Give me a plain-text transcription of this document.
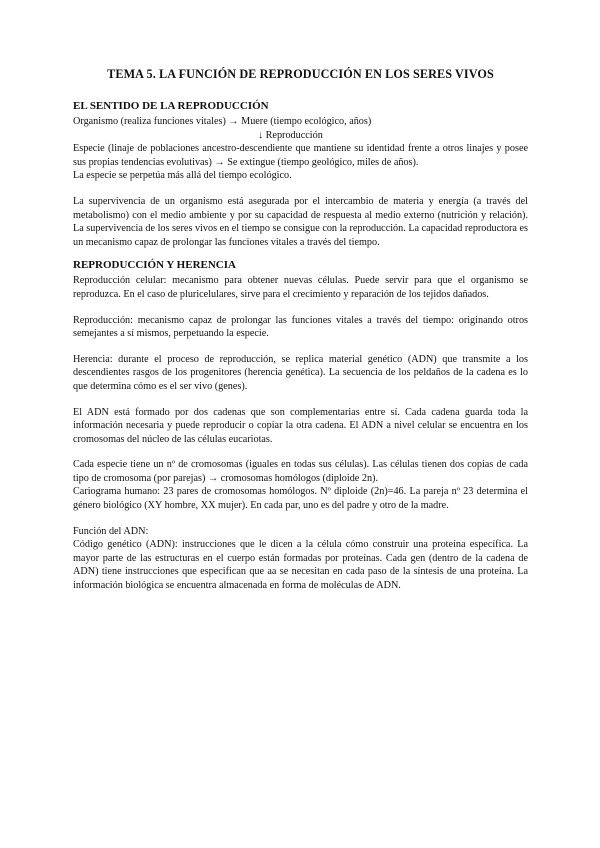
TEMA 5. LA FUNCIÓN DE REPRODUCCIÓN EN LOS SERES VIVOS
EL SENTIDO DE LA REPRODUCCIÓN

Organismo (realiza funciones vitales) → Muere (tiempo ecológico, años)

↓ Reproducción

Especie (linaje de poblaciones ancestro-descendiente que mantiene su identidad frente a otros linajes y posee sus propias tendencias evolutivas) → Se extingue (tiempo geológico, miles de años).

La especie se perpetúa más allá del tiempo ecológico.

La supervivencia de un organismo está asegurada por el intercambio de materia y energía (a través del metabolismo) con el medio ambiente y por su capacidad de respuesta al medio externo (nutrición y relación). La supervivencia de los seres vivos en el tiempo se consigue con la reproducción. La capacidad reproductora es un mecanismo capaz de prolongar las funciones vitales a través del tiempo.

REPRODUCCIÓN Y HERENCIA

Reproducción celular: mecanismo para obtener nuevas células. Puede servir para que el organismo se reproduzca. En el caso de pluricelulares, sirve para el crecimiento y reparación de los tejidos dañados.

Reproducción: mecanismo capaz de prolongar las funciones vitales a través del tiempo: originando otros semejantes a sí mismos, perpetuando la especie.

Herencia: durante el proceso de reproducción, se replica material genético (ADN) que transmite a los descendientes rasgos de los progenitores (herencia genética). La secuencia de los peldaños de la cadena es lo que determina cómo es el ser vivo (genes).

El ADN está formado por dos cadenas que son complementarias entre sí. Cada cadena guarda toda la información necesaria y puede reproducir o copiar la otra cadena. El ADN a nivel celular se encuentra en los cromosomas del núcleo de las células eucariotas.

Cada especie tiene un nº de cromosomas (iguales en todas sus células). Las células tienen dos copias de cada tipo de cromosoma (por parejas) → cromosomas homólogos (diploide 2n).

Cariograma humano: 23 pares de cromosomas homólogos. Nº diploide (2n)=46. La pareja nº 23 determina el género biológico (XY hombre, XX mujer). En cada par, uno es del padre y otro de la madre.

Función del ADN:

Código genético (ADN): instrucciones que le dicen a la célula cómo construir una proteína específica. La mayor parte de las estructuras en el cuerpo están formadas por proteínas. Cada gen (dentro de la cadena de ADN) tiene instrucciones que especifican que aa se necesitan en cada paso de la síntesis de una proteína. La información biológica se encuentra almacenada en forma de moléculas de ADN.
